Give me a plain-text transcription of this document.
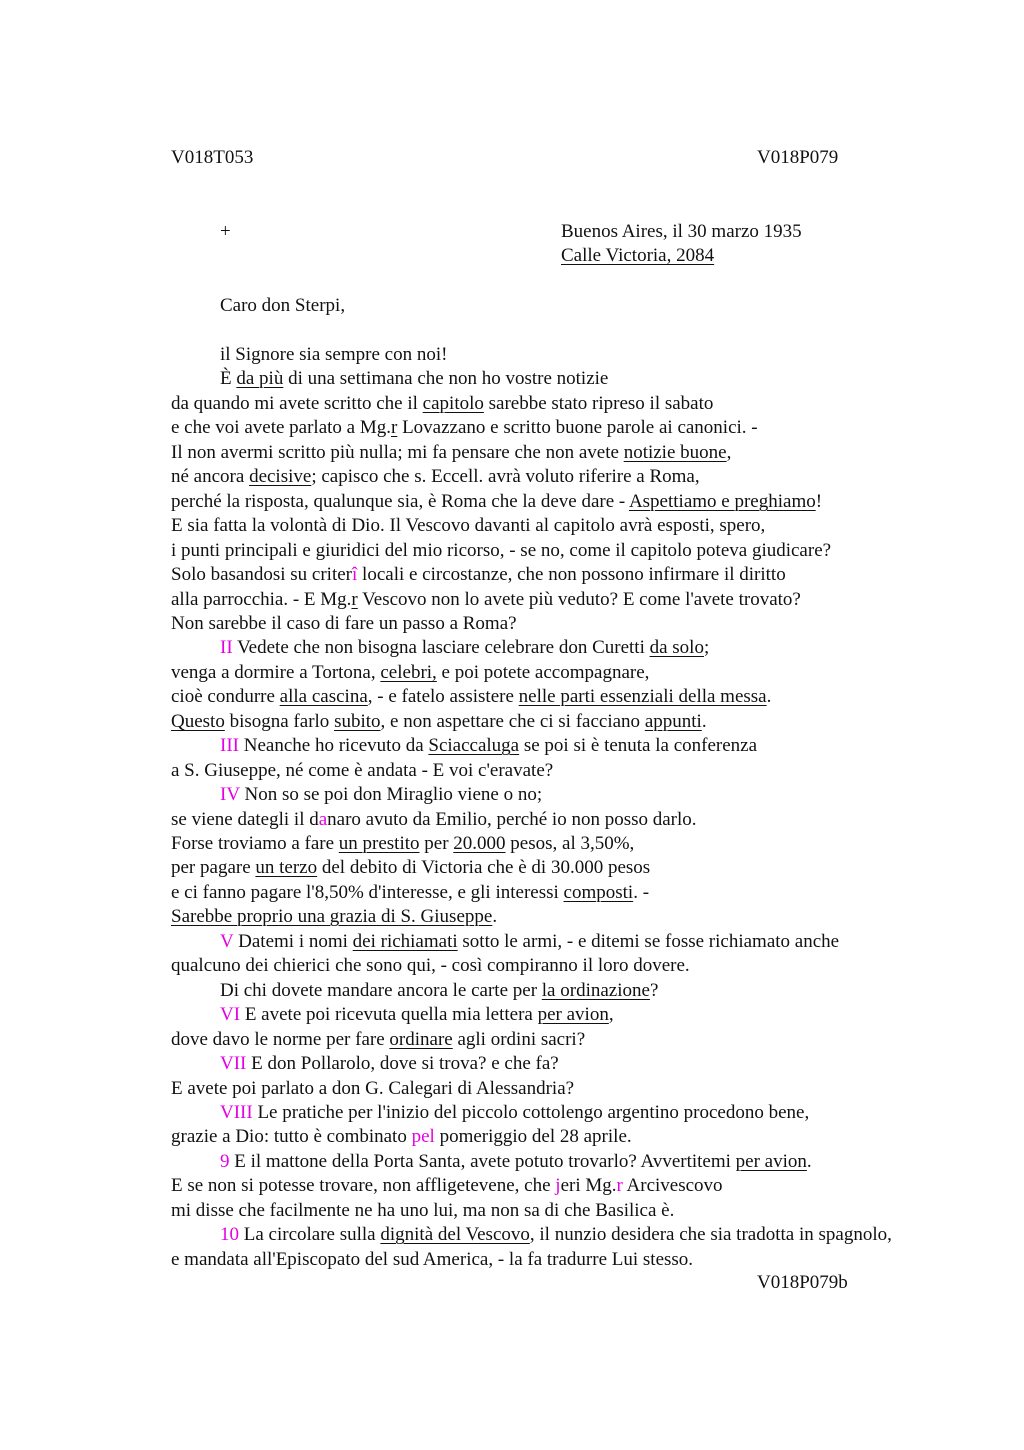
V018T053	V018P079
+	Buenos Aires, il 30 marzo 1935
Calle Victoria, 2084
Caro don Sterpi,
il Signore sia sempre con noi!
È da più di una settimana che non ho vostre notizie
da quando mi avete scritto che il capitolo sarebbe stato ripreso il sabato
e che voi avete parlato a Mg.r Lovazzano e scritto buone parole ai canonici. -
Il non avermi scritto più nulla; mi fa pensare che non avete notizie buone,
né ancora decisive; capisco che s. Eccell. avrà voluto riferire a Roma,
perché la risposta, qualunque sia, è Roma che la deve dare - Aspettiamo e preghiamo!
E sia fatta la volontà di Dio. Il Vescovo davanti al capitolo avrà esposti, spero,
i punti principali e giuridici del mio ricorso, - se no, come il capitolo poteva giudicare?
Solo basandosi su criterî locali e circostanze, che non possono infirmare il diritto
alla parrocchia. - E Mg.r Vescovo non lo avete più veduto? E come l'avete trovato?
Non sarebbe il caso di fare un passo a Roma?
II Vedete che non bisogna lasciare celebrare don Curetti da solo;
venga a dormire a Tortona, celebri, e poi potete accompagnare,
cioè condurre alla cascina, - e fatelo assistere nelle parti essenziali della messa.
Questo bisogna farlo subito, e non aspettare che ci si facciano appunti.
III Neanche ho ricevuto da Sciaccaluga se poi si è tenuta la conferenza
a S. Giuseppe, né come è andata - E voi c'eravate?
IV Non so se poi don Miraglio viene o no;
se viene dategli il danaro avuto da Emilio, perché io non posso darlo.
Forse troviamo a fare un prestito per 20.000 pesos, al 3,50%,
per pagare un terzo del debito di Victoria che è di 30.000 pesos
e ci fanno pagare l'8,50% d'interesse, e gli interessi composti. -
Sarebbe proprio una grazia di S. Giuseppe.
V Datemi i nomi dei richiamati sotto le armi, - e ditemi se fosse richiamato anche
qualcuno dei chierici che sono qui, - così compiranno il loro dovere.
Di chi dovete mandare ancora le carte per la ordinazione?
VI E avete poi ricevuta quella mia lettera per avion,
dove davo le norme per fare ordinare agli ordini sacri?
VII E don Pollarolo, dove si trova? e che fa?
E avete poi parlato a don G. Calegari di Alessandria?
VIII Le pratiche per l'inizio del piccolo cottolengo argentino procedono bene,
grazie a Dio: tutto è combinato pel pomeriggio del 28 aprile.
9 E il mattone della Porta Santa, avete potuto trovarlo? Avvertitemi per avion.
E se non si potesse trovare, non affligetevene, che jeri Mg.r Arcivescovo
mi disse che facilmente ne ha uno lui, ma non sa di che Basilica è.
10 La circolare sulla dignità del Vescovo, il nunzio desidera che sia tradotta in spagnolo,
e mandata all'Episcopato del sud America, - la fa tradurre Lui stesso.
V018P079b
